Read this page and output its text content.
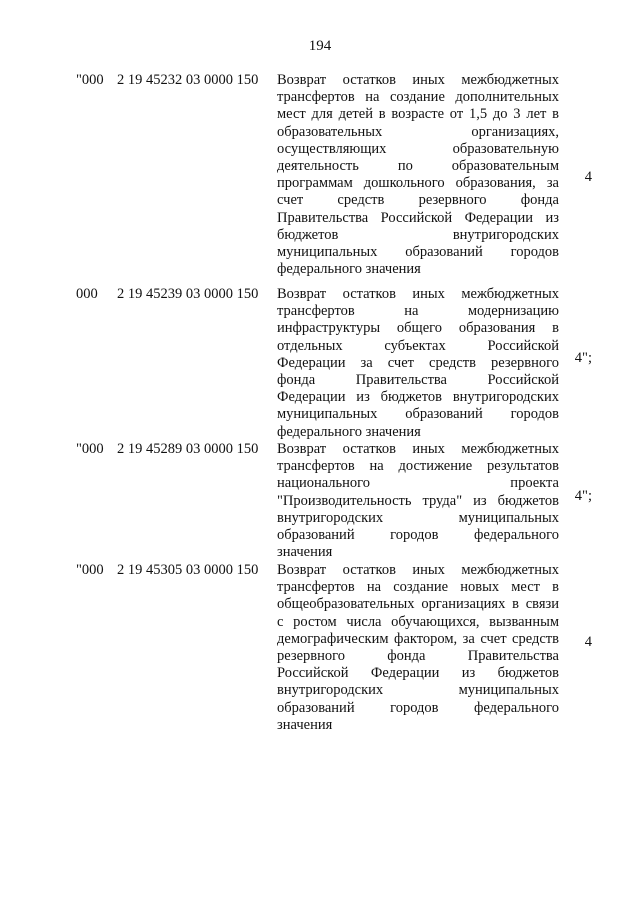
194
"000 2 19 45232 03 0000 150 Возврат остатков иных межбюджетных
трансфертов на создание дополнительных
мест для детей в возрасте от 1,5 до 3 лет в
образовательных организациях,
осуществляющих образовательную
деятельность по образовательным
программам дошкольного образования, за
счет средств резервного фонда
Правительства Российской Федерации из
бюджетов внутригородских
муниципальных образований городов
федерального значения
4
000 2 19 45239 03 0000 150 Возврат остатков иных межбюджетных
трансфертов на модернизацию
инфраструктуры общего образования в
отдельных субъектах Российской
Федерации за счет средств резервного
фонда Правительства Российской
Федерации из бюджетов внутригородских
муниципальных образований городов
федерального значения
4";
"000 2 19 45289 03 0000 150 Возврат остатков иных межбюджетных
трансфертов на достижение результатов
национального проекта
"Производительность труда" из бюджетов
внутригородских муниципальных
образований городов федерального
значения
4";
"000 2 19 45305 03 0000 150 Возврат остатков иных межбюджетных
трансфертов на создание новых мест в
общеобразовательных организациях в связи
с ростом числа обучающихся, вызванным
демографическим фактором, за счет средств
резервного фонда Правительства
Российской Федерации из бюджетов
внутригородских муниципальных
образований городов федерального
значения
4
